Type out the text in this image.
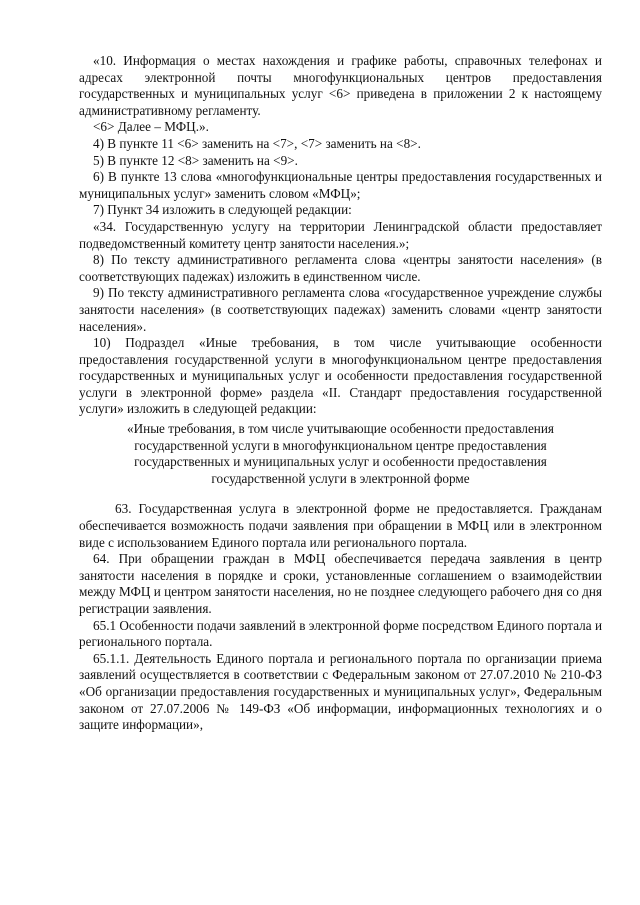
«10. Информация о местах нахождения и графике работы, справочных телефонах и адресах электронной почты многофункциональных центров предоставления государственных и муниципальных услуг <6> приведена в приложении 2 к настоящему административному регламенту.

<6> Далее – МФЦ.».

4) В пункте 11 <6> заменить на <7>, <7> заменить на <8>.

5) В пункте 12 <8> заменить на <9>.

6) В пункте 13 слова «многофункциональные центры предоставления государственных и муниципальных услуг» заменить словом «МФЦ»;

7) Пункт 34 изложить в следующей редакции:

«34. Государственную услугу на территории Ленинградской области предоставляет подведомственный комитету центр занятости населения.»;

8) По тексту административного регламента слова «центры занятости населения» (в соответствующих падежах) изложить в единственном числе.

9) По тексту административного регламента слова «государственное учреждение службы занятости населения» (в соответствующих падежах) заменить словами «центр занятости населения».

10) Подраздел «Иные требования, в том числе учитывающие особенности предоставления государственной услуги в многофункциональном центре предоставления государственных и муниципальных услуг и особенности предоставления государственной услуги в электронной форме» раздела «II. Стандарт предоставления государственной услуги» изложить в следующей редакции:

«Иные требования, в том числе учитывающие особенности предоставления государственной услуги в многофункциональном центре предоставления государственных и муниципальных услуг и особенности предоставления государственной услуги в электронной форме

63. Государственная услуга в электронной форме не предоставляется. Гражданам обеспечивается возможность подачи заявления при обращении в МФЦ или в электронном виде с использованием Единого портала или регионального портала.

64. При обращении граждан в МФЦ обеспечивается передача заявления в центр занятости населения в порядке и сроки, установленные соглашением о взаимодействии между МФЦ и центром занятости населения, но не позднее следующего рабочего дня со дня регистрации заявления.

65.1 Особенности подачи заявлений в электронной форме посредством Единого портала и регионального портала.

65.1.1. Деятельность Единого портала и регионального портала по организации приема заявлений осуществляется в соответствии с Федеральным законом от 27.07.2010 № 210-ФЗ «Об организации предоставления государственных и муниципальных услуг», Федеральным законом от 27.07.2006 № 149-ФЗ «Об информации, информационных технологиях и о защите информации»,
